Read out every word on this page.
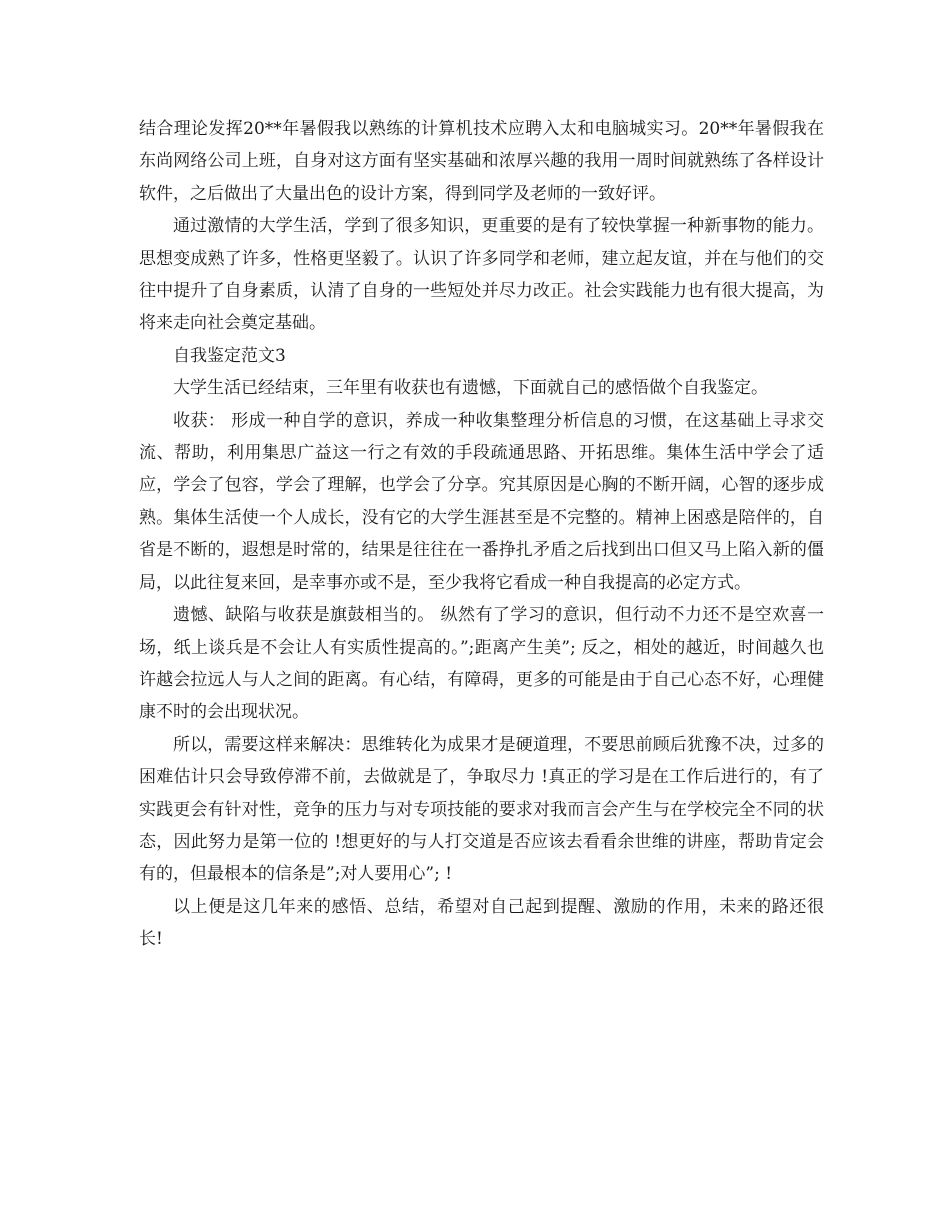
结合理论发挥20**年暑假我以熟练的计算机技术应聘入太和电脑城实习。20**年暑假我在东尚网络公司上班，自身对这方面有坚实基础和浓厚兴趣的我用一周时间就熟练了各样设计软件，之后做出了大量出色的设计方案，得到同学及老师的一致好评。

通过激情的大学生活，学到了很多知识，更重要的是有了较快掌握一种新事物的能力。思想变成熟了许多，性格更坚毅了。认识了许多同学和老师，建立起友谊，并在与他们的交往中提升了自身素质，认清了自身的一些短处并尽力改正。社会实践能力也有很大提高，为将来走向社会奠定基础。

自我鉴定范文3

大学生活已经结束，三年里有收获也有遗憾，下面就自己的感悟做个自我鉴定。

收获： 形成一种自学的意识，养成一种收集整理分析信息的习惯，在这基础上寻求交流、帮助，利用集思广益这一行之有效的手段疏通思路、开拓思维。集体生活中学会了适应，学会了包容，学会了理解，也学会了分享。究其原因是心胸的不断开阔，心智的逐步成熟。集体生活使一个人成长，没有它的大学生涯甚至是不完整的。精神上困惑是陪伴的，自省是不断的，遐想是时常的，结果是往往在一番挣扎矛盾之后找到出口但又马上陷入新的僵局，以此往复来回，是幸事亦或不是，至少我将它看成一种自我提高的必定方式。

遗憾、缺陷与收获是旗鼓相当的。 纵然有了学习的意识，但行动不力还不是空欢喜一场，纸上谈兵是不会让人有实质性提高的。”;距离产生美”; 反之，相处的越近，时间越久也许越会拉远人与人之间的距离。有心结，有障碍，更多的可能是由于自己心态不好，心理健康不时的会出现状况。

所以，需要这样来解决：思维转化为成果才是硬道理，不要思前顾后犹豫不决，过多的困难估计只会导致停滞不前，去做就是了，争取尽力 !真正的学习是在工作后进行的，有了实践更会有针对性，竞争的压力与对专项技能的要求对我而言会产生与在学校完全不同的状态，因此努力是第一位的 !想更好的与人打交道是否应该去看看余世维的讲座，帮助肯定会有的，但最根本的信条是”;对人要用心”; !

以上便是这几年来的感悟、总结，希望对自己起到提醒、激励的作用，未来的路还很长!
